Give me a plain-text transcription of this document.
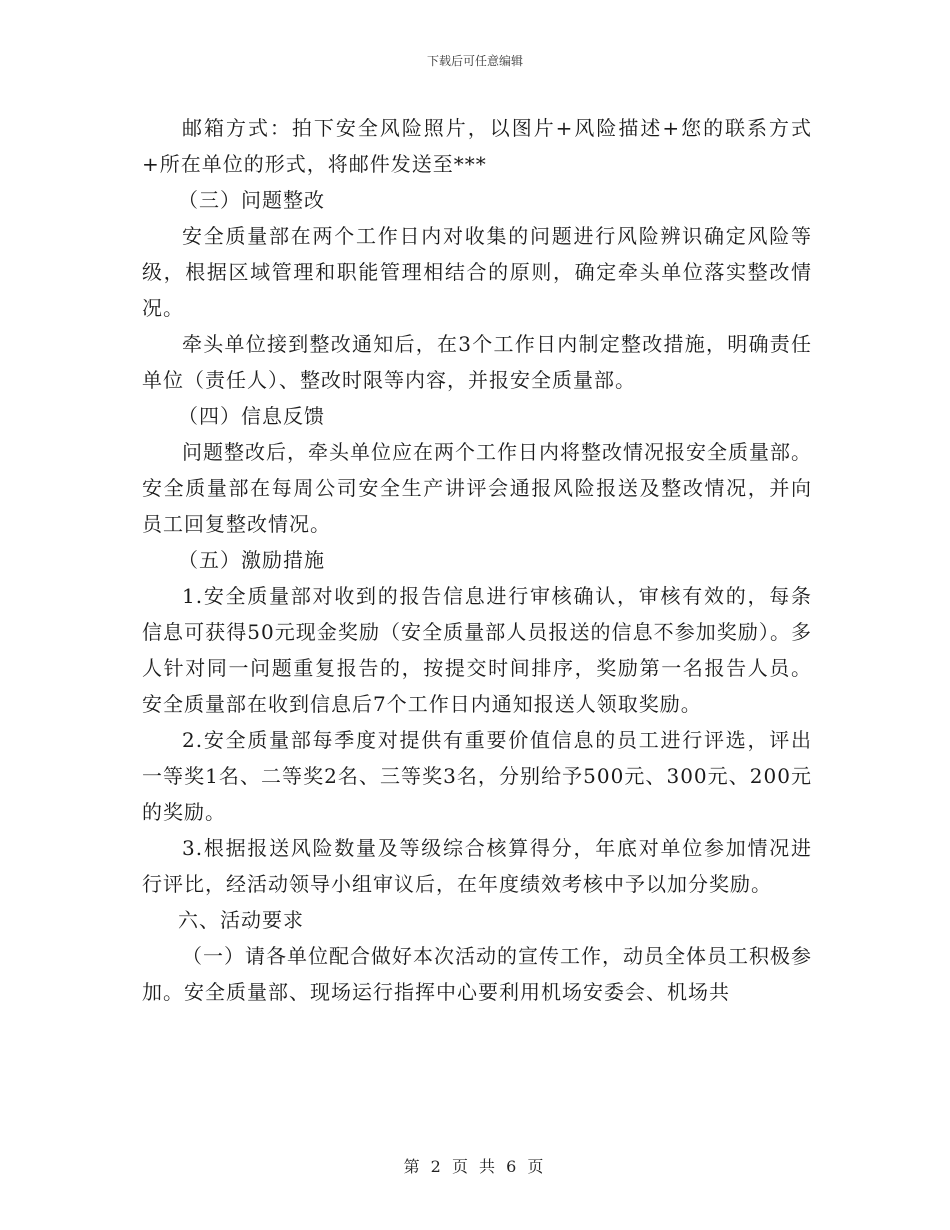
下载后可任意编辑

邮箱方式：拍下安全风险照片，以图片+风险描述+您的联系方式+所在单位的形式，将邮件发送至***

（三）问题整改

安全质量部在两个工作日内对收集的问题进行风险辨识确定风险等级，根据区域管理和职能管理相结合的原则，确定牵头单位落实整改情况。

牵头单位接到整改通知后，在3个工作日内制定整改措施，明确责任单位（责任人）、整改时限等内容，并报安全质量部。

（四）信息反馈

问题整改后，牵头单位应在两个工作日内将整改情况报安全质量部。安全质量部在每周公司安全生产讲评会通报风险报送及整改情况，并向员工回复整改情况。

（五）激励措施

1.安全质量部对收到的报告信息进行审核确认，审核有效的，每条信息可获得50元现金奖励（安全质量部人员报送的信息不参加奖励）。多人针对同一问题重复报告的，按提交时间排序，奖励第一名报告人员。安全质量部在收到信息后7个工作日内通知报送人领取奖励。

2.安全质量部每季度对提供有重要价值信息的员工进行评选，评出一等奖1名、二等奖2名、三等奖3名，分别给予500元、300元、200元的奖励。

3.根据报送风险数量及等级综合核算得分，年底对单位参加情况进行评比，经活动领导小组审议后，在年度绩效考核中予以加分奖励。

六、活动要求

（一）请各单位配合做好本次活动的宣传工作，动员全体员工积极参加。安全质量部、现场运行指挥中心要利用机场安委会、机场共

第 2 页 共 6 页
